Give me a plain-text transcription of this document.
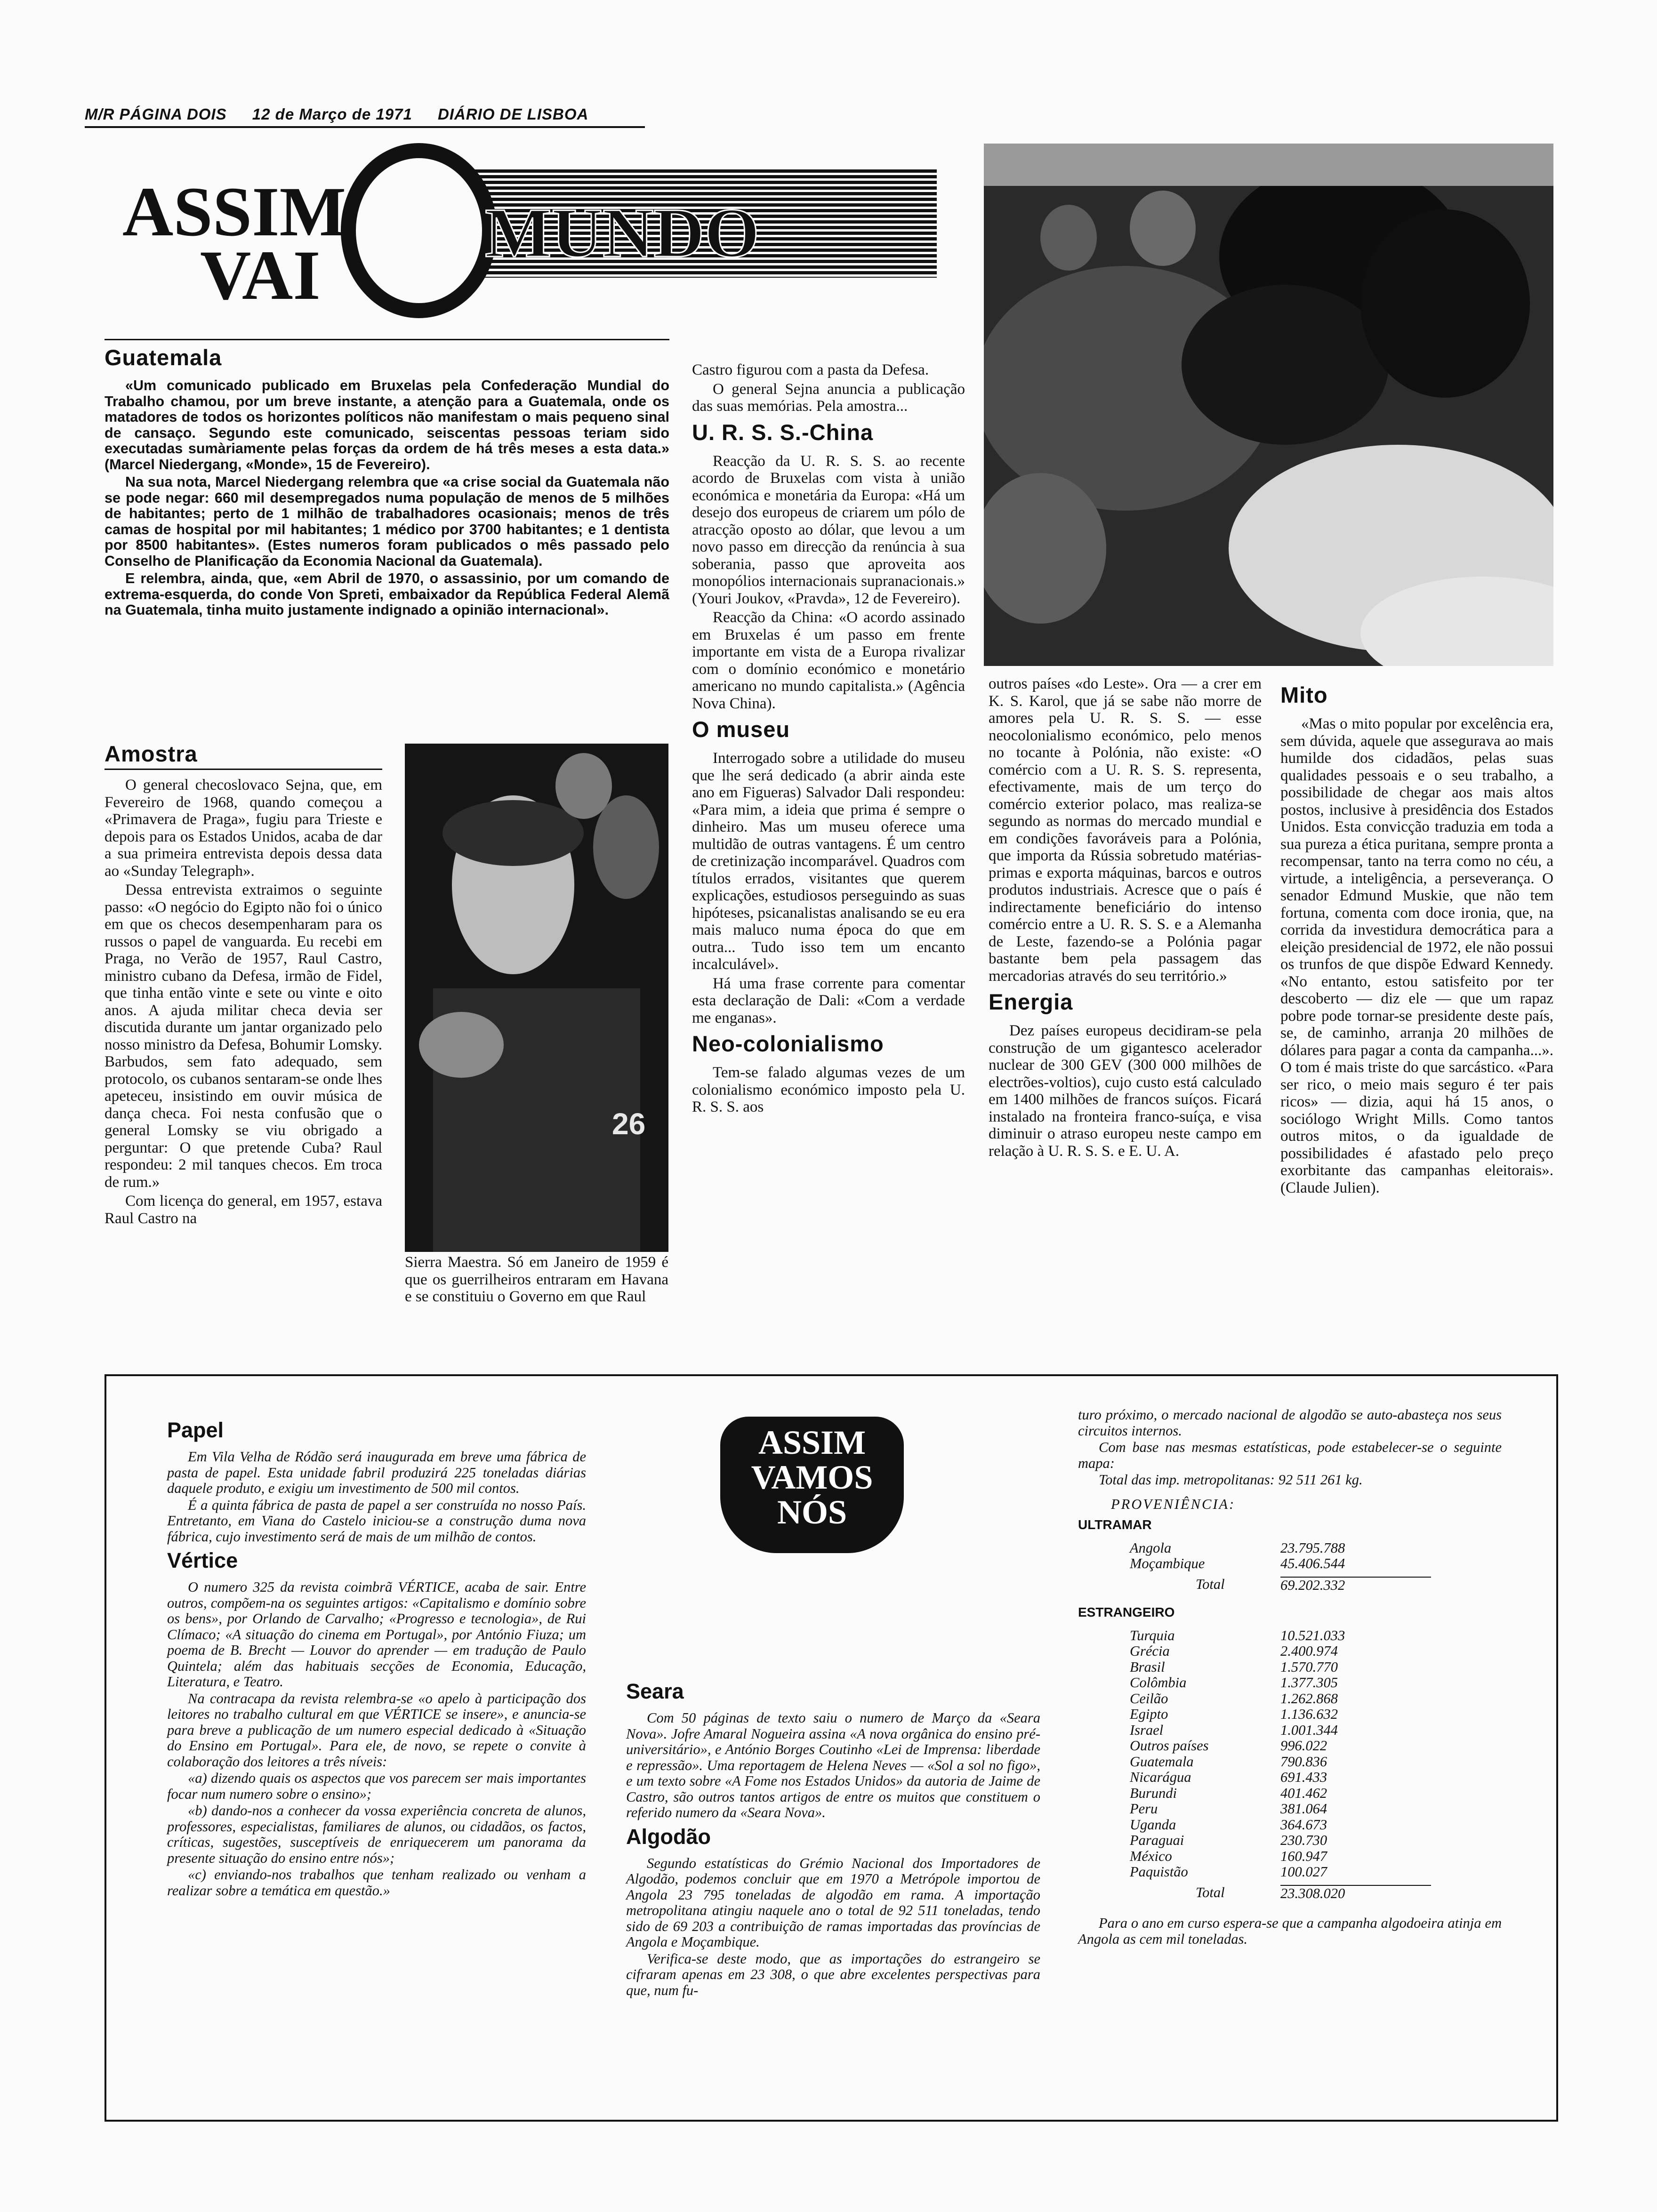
M/R PÁGINA DOIS 12 de Março de 1971 DIÁRIO DE LISBOA
MUNDO
ASSIM
VAI
Guatemala

«Um comunicado publicado em Bruxelas pela Confederação Mundial do Trabalho chamou, por um breve instante, a atenção para a Guatemala, onde os matadores de todos os horizontes políticos não manifestam o mais pequeno sinal de cansaço. Segundo este comunicado, seiscentas pessoas teriam sido executadas sumàriamente pelas forças da ordem de há três meses a esta data.» (Marcel Niedergang, «Monde», 15 de Fevereiro).

Na sua nota, Marcel Niedergang relembra que «a crise social da Guatemala não se pode negar: 660 mil desempregados numa população de menos de 5 milhões de habitantes; perto de 1 milhão de trabalhadores ocasionais; menos de três camas de hospital por mil habitantes; 1 médico por 3700 habitantes; e 1 dentista por 8500 habitantes». (Estes numeros foram publicados o mês passado pelo Conselho de Planificação da Economia Nacional da Guatemala).

E relembra, ainda, que, «em Abril de 1970, o assassinio, por um comando de extrema-esquerda, do conde Von Spreti, embaixador da República Federal Alemã na Guatemala, tinha muito justamente indignado a opinião internacional».

Amostra

O general checoslovaco Sejna, que, em Fevereiro de 1968, quando começou a «Primavera de Praga», fugiu para Trieste e depois para os Estados Unidos, acaba de dar a sua primeira entrevista depois dessa data ao «Sunday Telegraph».

Dessa entrevista extraimos o seguinte passo: «O negócio do Egipto não foi o único em que os checos desempenharam para os russos o papel de vanguarda. Eu recebi em Praga, no Verão de 1957, Raul Castro, ministro cubano da Defesa, irmão de Fidel, que tinha então vinte e sete ou vinte e oito anos. A ajuda militar checa devia ser discutida durante um jantar organizado pelo nosso ministro da Defesa, Bohumir Lomsky. Barbudos, sem fato adequado, sem protocolo, os cubanos sentaram-se onde lhes apeteceu, insistindo em ouvir música de dança checa. Foi nesta confusão que o general Lomsky se viu obrigado a perguntar: O que pretende Cuba? Raul respondeu: 2 mil tanques checos. Em troca de rum.»

Com licença do general, em 1957, estava Raul Castro na

26
Sierra Maestra. Só em Janeiro de 1959 é que os guerrilheiros entraram em Havana e se constituiu o Governo em que Raul

Castro figurou com a pasta da Defesa.

O general Sejna anuncia a publicação das suas memórias. Pela amostra...

U. R. S. S.-China

Reacção da U. R. S. S. ao recente acordo de Bruxelas com vista à união económica e monetária da Europa: «Há um desejo dos europeus de criarem um pólo de atracção oposto ao dólar, que levou a um novo passo em direcção da renúncia à sua soberania, passo que aproveita aos monopólios internacionais supranacionais.» (Youri Joukov, «Pravda», 12 de Fevereiro).

Reacção da China: «O acordo assinado em Bruxelas é um passo em frente importante em vista de a Europa rivalizar com o domínio económico e monetário americano no mundo capitalista.» (Agência Nova China).

O museu

Interrogado sobre a utilidade do museu que lhe será dedicado (a abrir ainda este ano em Figueras) Salvador Dali respondeu: «Para mim, a ideia que prima é sempre o dinheiro. Mas um museu oferece uma multidão de outras vantagens. É um centro de cretinização incomparável. Quadros com títulos errados, visitantes que querem explicações, estudiosos perseguindo as suas hipóteses, psicanalistas analisando se eu era mais maluco numa época do que em outra... Tudo isso tem um encanto incalculável».

Há uma frase corrente para comentar esta declaração de Dali: «Com a verdade me enganas».

Neo-colonialismo

Tem-se falado algumas vezes de um colonialismo económico imposto pela U. R. S. S. aos

outros países «do Leste». Ora — a crer em K. S. Karol, que já se sabe não morre de amores pela U. R. S. S. — esse neocolonialismo económico, pelo menos no tocante à Polónia, não existe: «O comércio com a U. R. S. S. representa, efectivamente, mais de um terço do comércio exterior polaco, mas realiza-se segundo as normas do mercado mundial e em condições favoráveis para a Polónia, que importa da Rússia sobretudo matérias-primas e exporta máquinas, barcos e outros produtos industriais. Acresce que o país é indirectamente beneficiário do intenso comércio entre a U. R. S. S. e a Alemanha de Leste, fazendo-se a Polónia pagar bastante bem pela passagem das mercadorias através do seu território.»

Energia

Dez países europeus decidiram-se pela construção de um gigantesco acelerador nuclear de 300 GEV (300 000 milhões de electrões-voltios), cujo custo está calculado em 1400 milhões de francos suíços. Ficará instalado na fronteira franco-suíça, e visa diminuir o atraso europeu neste campo em relação à U. R. S. S. e E. U. A.

Mito

«Mas o mito popular por excelência era, sem dúvida, aquele que assegurava ao mais humilde dos cidadãos, pelas suas qualidades pessoais e o seu trabalho, a possibilidade de chegar aos mais altos postos, inclusive à presidência dos Estados Unidos. Esta convicção traduzia em toda a sua pureza a ética puritana, sempre pronta a recompensar, tanto na terra como no céu, a virtude, a inteligência, a perseverança. O senador Edmund Muskie, que não tem fortuna, comenta com doce ironia, que, na corrida da investidura democrática para a eleição presidencial de 1972, ele não possui os trunfos de que dispõe Edward Kennedy. «No entanto, estou satisfeito por ter descoberto — diz ele — que um rapaz pobre pode tornar-se presidente deste país, se, de caminho, arranja 20 milhões de dólares para pagar a conta da campanha...». O tom é mais triste do que sarcástico. «Para ser rico, o meio mais seguro é ter pais ricos» — dizia, aqui há 15 anos, o sociólogo Wright Mills. Como tantos outros mitos, o da igualdade de possibilidades é afastado pelo preço exorbitante das campanhas eleitorais». (Claude Julien).

ASSIM
VAMOS
NÓS
Papel

Em Vila Velha de Ródão será inaugurada em breve uma fábrica de pasta de papel. Esta unidade fabril produzirá 225 toneladas diárias daquele produto, e exigiu um investimento de 500 mil contos.

É a quinta fábrica de pasta de papel a ser construída no nosso País. Entretanto, em Viana do Castelo iniciou-se a construção duma nova fábrica, cujo investimento será de mais de um milhão de contos.

Vértice

O numero 325 da revista coimbrã VÉRTICE, acaba de sair. Entre outros, compõem-na os seguintes artigos: «Capitalismo e domínio sobre os bens», por Orlando de Carvalho; «Progresso e tecnologia», de Rui Clímaco; «A situação do cinema em Portugal», por António Fiuza; um poema de B. Brecht — Louvor do aprender — em tradução de Paulo Quintela; além das habituais secções de Economia, Educação, Literatura, e Teatro.

Na contracapa da revista relembra-se «o apelo à participação dos leitores no trabalho cultural em que VÉRTICE se insere», e anuncia-se para breve a publicação de um numero especial dedicado à «Situação do Ensino em Portugal». Para ele, de novo, se repete o convite à colaboração dos leitores a três níveis:

«a) dizendo quais os aspectos que vos parecem ser mais importantes focar num numero sobre o ensino»;

«b) dando-nos a conhecer da vossa experiência concreta de alunos, professores, especialistas, familiares de alunos, ou cidadãos, os factos, críticas, sugestões, susceptíveis de enriquecerem um panorama da presente situação do ensino entre nós»;

«c) enviando-nos trabalhos que tenham realizado ou venham a realizar sobre a temática em questão.»

Seara

Com 50 páginas de texto saiu o numero de Março da «Seara Nova». Jofre Amaral Nogueira assina «A nova orgânica do ensino pré-universitário», e António Borges Coutinho «Lei de Imprensa: liberdade e repressão». Uma reportagem de Helena Neves — «Sol a sol no figo», e um texto sobre «A Fome nos Estados Unidos» da autoria de Jaime de Castro, são outros tantos artigos de entre os muitos que constituem o referido numero da «Seara Nova».

Algodão

Segundo estatísticas do Grémio Nacional dos Importadores de Algodão, podemos concluir que em 1970 a Metrópole importou de Angola 23 795 toneladas de algodão em rama. A importação metropolitana atingiu naquele ano o total de 92 511 toneladas, tendo sido de 69 203 a contribuição de ramas importadas das províncias de Angola e Moçambique.

Verifica-se deste modo, que as importações do estrangeiro se cifraram apenas em 23 308, o que abre excelentes perspectivas para que, num fu-

turo próximo, o mercado nacional de algodão se auto-abasteça nos seus circuitos internos.

Com base nas mesmas estatísticas, pode estabelecer-se o seguinte mapa:

Total das imp. metropolitanas: 92 511 261 kg.

PROVENIÊNCIA:
ULTRAMAR
Angola	23.795.788
Moçambique	45.406.544
Total	69.202.332
ESTRANGEIRO
Turquia	10.521.033
Grécia	2.400.974
Brasil	1.570.770
Colômbia	1.377.305
Ceilão	1.262.868
Egipto	1.136.632
Israel	1.001.344
Outros países	996.022
Guatemala	790.836
Nicarágua	691.433
Burundi	401.462
Peru	381.064
Uganda	364.673
Paraguai	230.730
México	160.947
Paquistão	100.027
Total	23.308.020

Para o ano em curso espera-se que a campanha algodoeira atinja em Angola as cem mil toneladas.
